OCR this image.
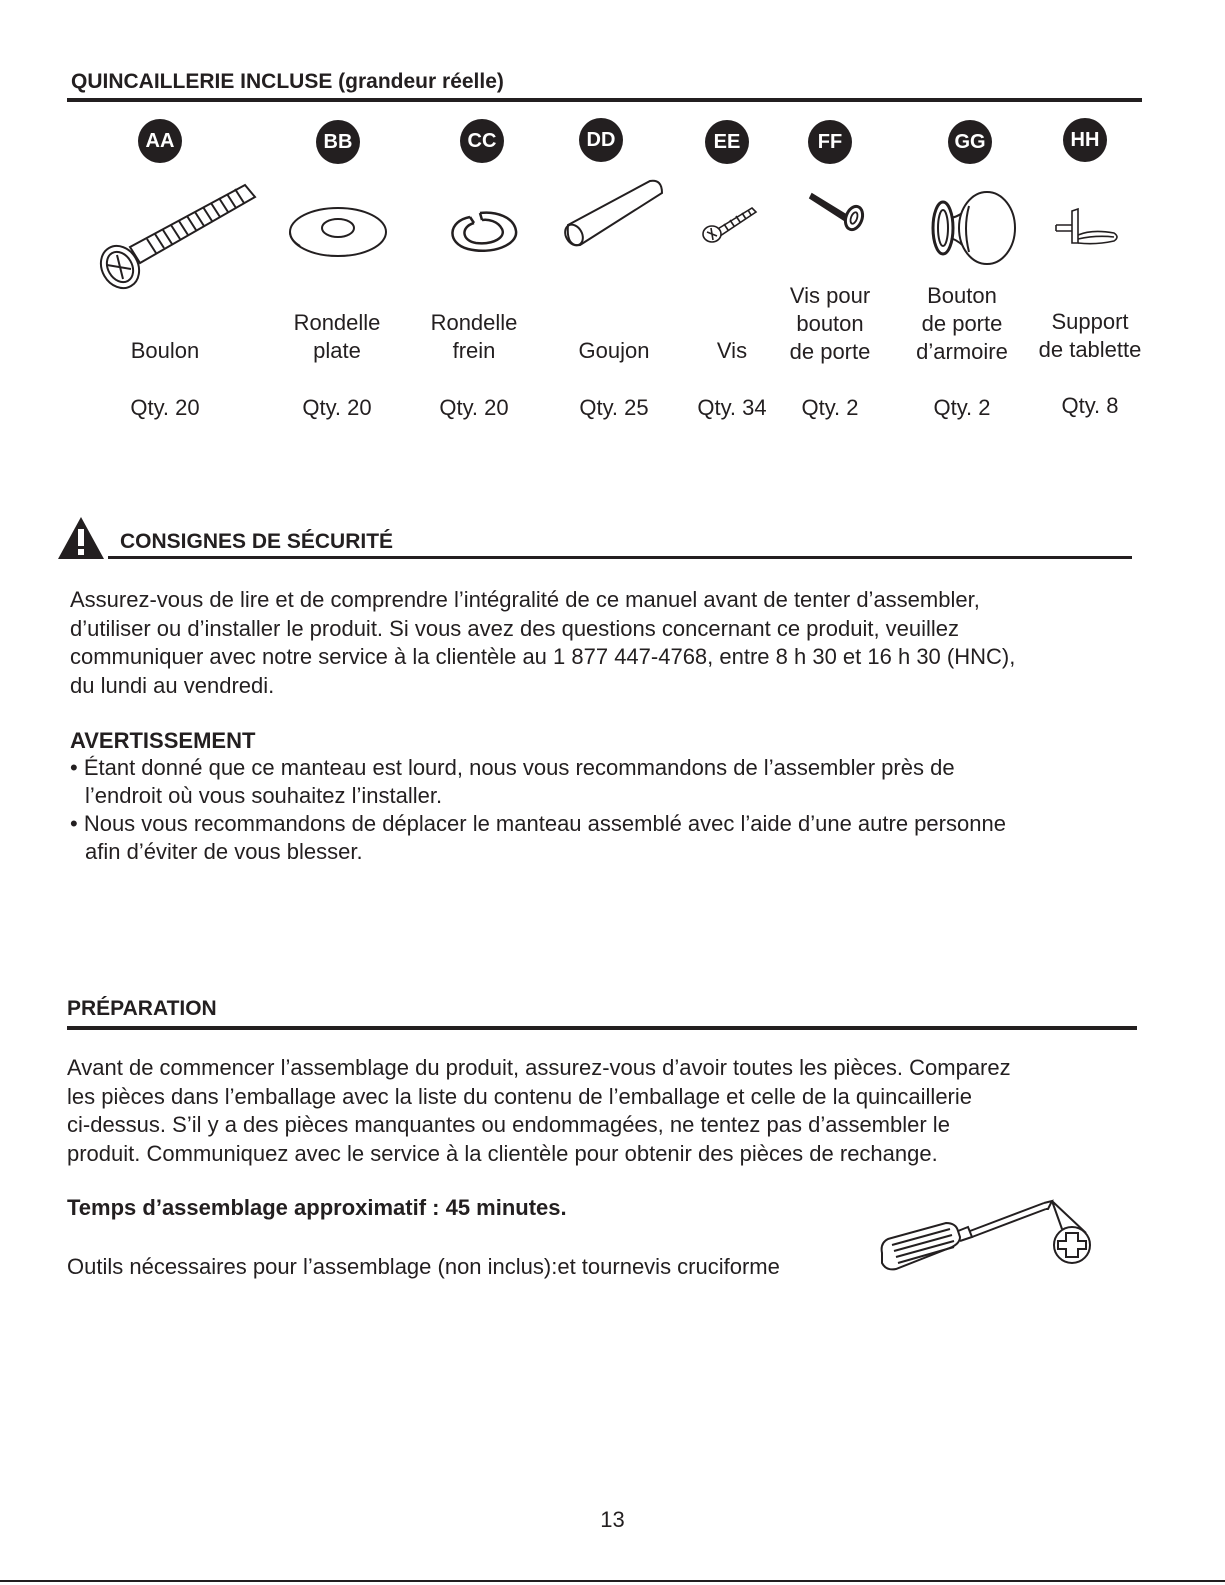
QUINCAILLERIE INCLUSE (grandeur réelle)
AA
Boulon
Qty. 20
BB
Rondelle
plate
Qty. 20
CC
Rondelle
frein
Qty. 20
DD
Goujon
Qty. 25
EE
Vis
Qty. 34
FF
Vis pour
bouton
de porte
Qty. 2
GG
Bouton
de porte
d’armoire
Qty. 2
HH
Support
de tablette
Qty. 8
CONSIGNES DE SÉCURITÉ
Assurez-vous de lire et de comprendre l’intégralité de ce manuel avant de tenter d’assembler,
d’utiliser ou d’installer le produit. Si vous avez des questions concernant ce produit, veuillez
communiquer avec notre service à la clientèle au 1 877 447-4768, entre 8 h 30 et 16 h 30 (HNC),
du lundi au vendredi.
AVERTISSEMENT
• Étant donné que ce manteau est lourd, nous vous recommandons de l’assembler près de
l’endroit où vous souhaitez l’installer.
• Nous vous recommandons de déplacer le manteau assemblé avec l’aide d’une autre personne
afin d’éviter de vous blesser.
PRÉPARATION
Avant de commencer l’assemblage du produit, assurez-vous d’avoir toutes les pièces. Comparez
les pièces dans l’emballage avec la liste du contenu de l’emballage et celle de la quincaillerie
ci-dessus. S’il y a des pièces manquantes ou endommagées, ne tentez pas d’assembler le
produit. Communiquez avec le service à la clientèle pour obtenir des pièces de rechange.
Temps d’assemblage approximatif : 45 minutes.
Outils nécessaires pour l’assemblage (non inclus):et tournevis cruciforme
13
